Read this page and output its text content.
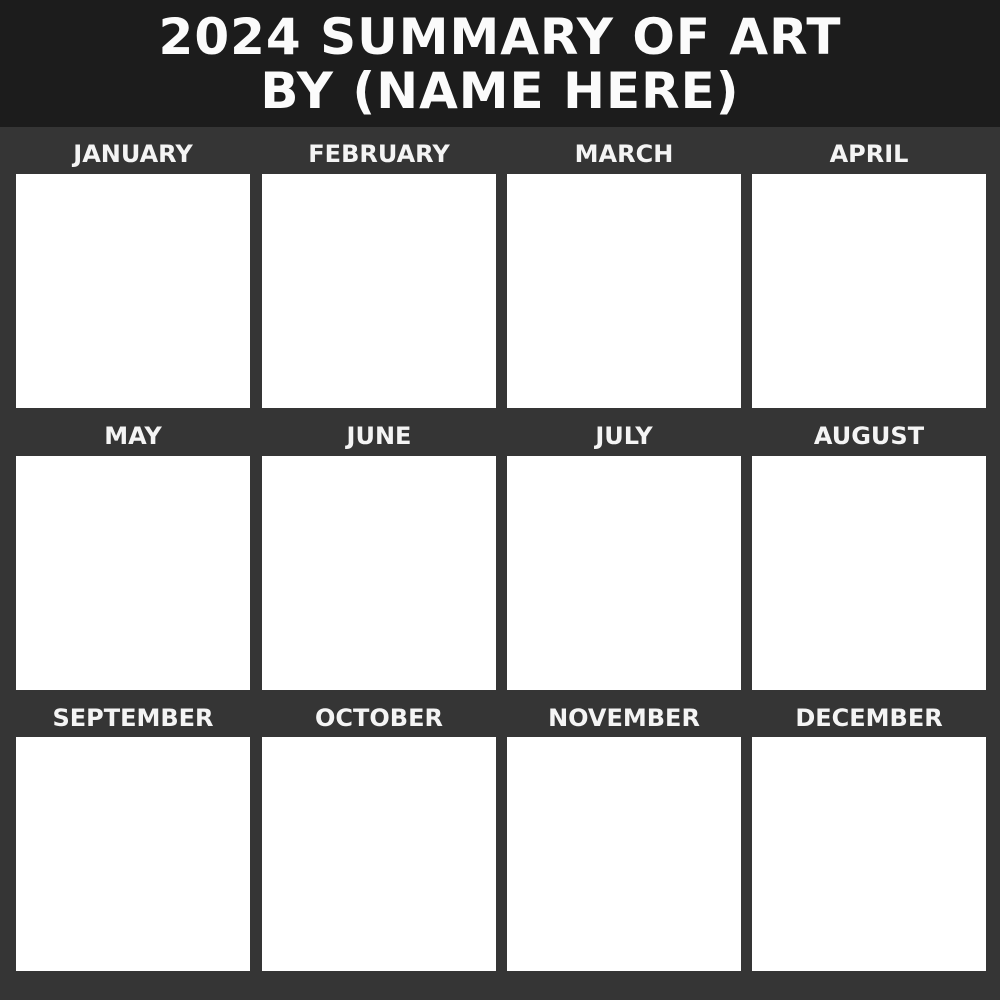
2024 SUMMARY OF ART
BY (NAME HERE)
JANUARY	FEBRUARY	MARCH	APRIL
MAY	JUNE	JULY	AUGUST
SEPTEMBER	OCTOBER	NOVEMBER	DECEMBER
